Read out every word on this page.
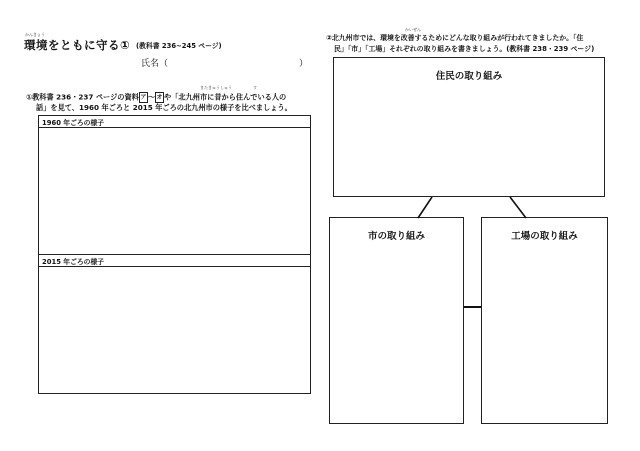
かんきょう
環境をともに守る① (教科書 236~245 ページ)
氏名（	）
きたきゅうしゅう	す
①教科書 236・237 ページの資料ア ～オ や「北九州市に昔から住んでいる人の
話」を見て、1960 年ごろと 2015 年ごろの北九州市の様子を比べましょう。
1960 年ごろの様子
2015 年ごろの様子
かいぜん
②北九州市では、環境を改善するためにどんな取り組みが行われてきましたか。「住
民」「市」「工場」それぞれの取り組みを書きましょう。(教科書 238・239 ページ)
住民の取り組み
市の取り組み	工場の取り組み
